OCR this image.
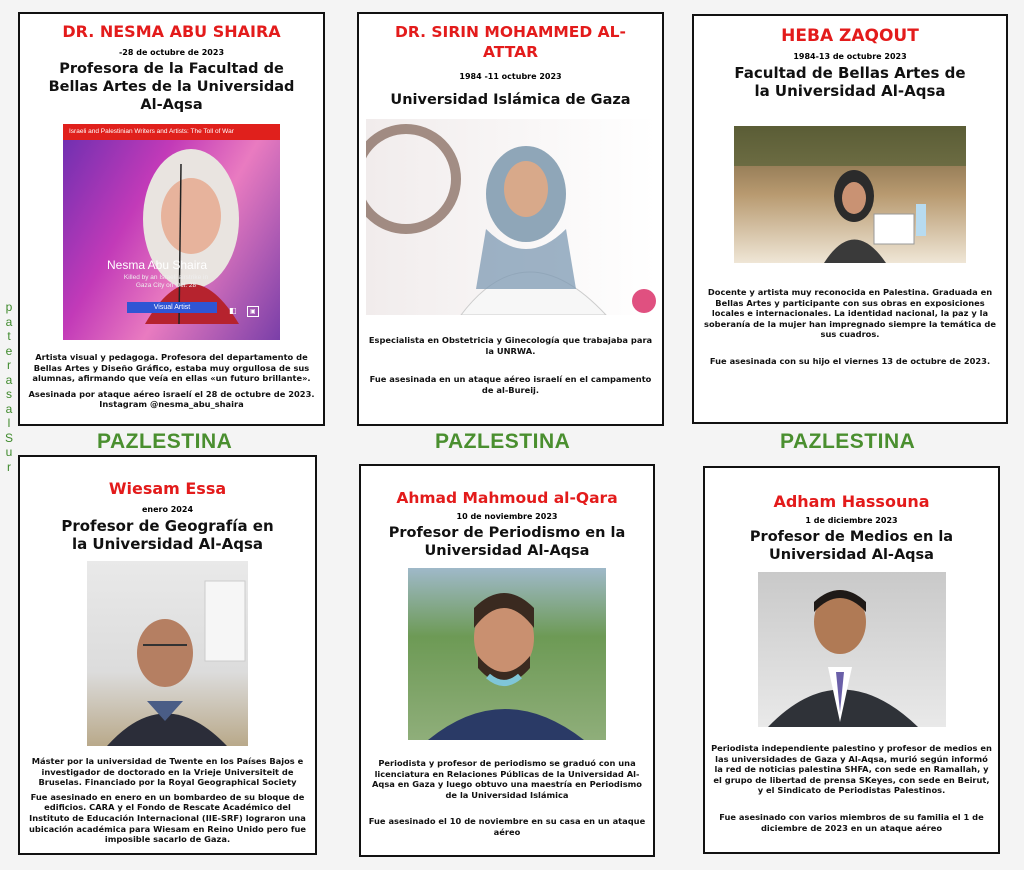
p
a
t
e
r
a
s
a
l
S
u
r
PAZLESTINA	PAZLESTINA	PAZLESTINA
DR. NESMA ABU SHAIRA
-28 de octubre de 2023
Profesora de la Facultad de Bellas Artes de la Universidad Al-Aqsa
Israeli and Palestinian Writers and Artists: The Toll of War
Nesma Abu Shaira
Killed by an Israeli airstrike in Gaza City on Oct. 28
Visual Artist	◧	▣
Artista visual y pedagoga. Profesora del departamento de Bellas Artes y Diseño Gráfico, estaba muy orgullosa de sus alumnas, afirmando que veía en ellas «un futuro brillante».
Asesinada por ataque aéreo israelí el 28 de octubre de 2023. Instagram @nesma_abu_shaira
DR. SIRIN MOHAMMED AL-ATTAR
1984 -11 octubre 2023
Universidad Islámica de Gaza
Especialista en Obstetricia y Ginecología que trabajaba para la UNRWA.
Fue asesinada en un ataque aéreo israelí en el campamento de al-Bureij.
HEBA ZAQOUT
1984-13 de octubre 2023
Facultad de Bellas Artes de la Universidad Al-Aqsa
Docente y artista muy reconocida en Palestina. Graduada en Bellas Artes y participante con sus obras en exposiciones locales e internacionales. La identidad nacional, la paz y la soberanía de la mujer han impregnado siempre la temática de sus cuadros.
Fue asesinada con su hijo el viernes 13 de octubre de 2023.
Wiesam Essa
enero 2024
Profesor de Geografía en la Universidad Al-Aqsa
Máster por la universidad de Twente en los Países Bajos e investigador de doctorado en la Vrieje Universiteit de Bruselas. Financiado por la Royal Geographical Society
Fue asesinado en enero en un bombardeo de su bloque de edificios. CARA y el Fondo de Rescate Académico del Instituto de Educación Internacional (IIE-SRF) lograron una ubicación académica para Wiesam en Reino Unido pero fue imposible sacarlo de Gaza.
Ahmad Mahmoud al-Qara
10 de noviembre 2023
Profesor de Periodismo en la Universidad Al-Aqsa
Periodista y profesor de periodismo se graduó con una licenciatura en Relaciones Públicas de la Universidad Al-Aqsa en Gaza y luego obtuvo una maestría en Periodismo de la Universidad Islámica
Fue asesinado el 10 de noviembre en su casa en un ataque aéreo
Adham Hassouna
1 de diciembre 2023
Profesor de Medios en la Universidad Al-Aqsa
Periodista independiente palestino y profesor de medios en las universidades de Gaza y Al-Aqsa, murió según informó la red de noticias palestina SHFA, con sede en Ramallah, y el grupo de libertad de prensa SKeyes, con sede en Beirut, y el Sindicato de Periodistas Palestinos.
Fue asesinado con varios miembros de su familia el 1 de diciembre de 2023 en un ataque aéreo
